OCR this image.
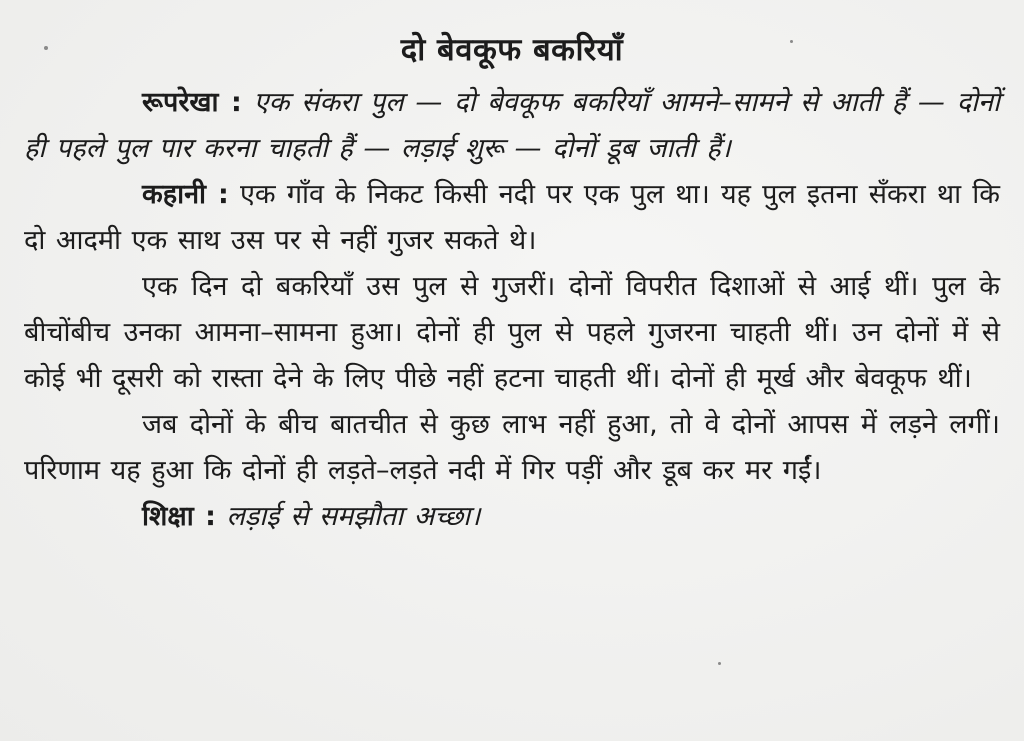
दो बेवकूफ बकरियाँ

रूपरेखा : एक संकरा पुल — दो बेवकूफ बकरियाँ आमने–सामने से आती हैं — दोनों ही पहले पुल पार करना चाहती हैं — लड़ाई शुरू — दोनों डूब जाती हैं।

कहानी : एक गाँव के निकट किसी नदी पर एक पुल था। यह पुल इतना सँकरा था कि दो आदमी एक साथ उस पर से नहीं गुजर सकते थे।

एक दिन दो बकरियाँ उस पुल से गुजरीं। दोनों विपरीत दिशाओं से आई थीं। पुल के बीचोंबीच उनका आमना–सामना हुआ। दोनों ही पुल से पहले गुजरना चाहती थीं। उन दोनों में से कोई भी दूसरी को रास्ता देने के लिए पीछे नहीं हटना चाहती थीं। दोनों ही मूर्ख और बेवकूफ थीं।

जब दोनों के बीच बातचीत से कुछ लाभ नहीं हुआ, तो वे दोनों आपस में लड़ने लगीं। परिणाम यह हुआ कि दोनों ही लड़ते–लड़ते नदी में गिर पड़ीं और डूब कर मर गईं।

शिक्षा : लड़ाई से समझौता अच्छा।
